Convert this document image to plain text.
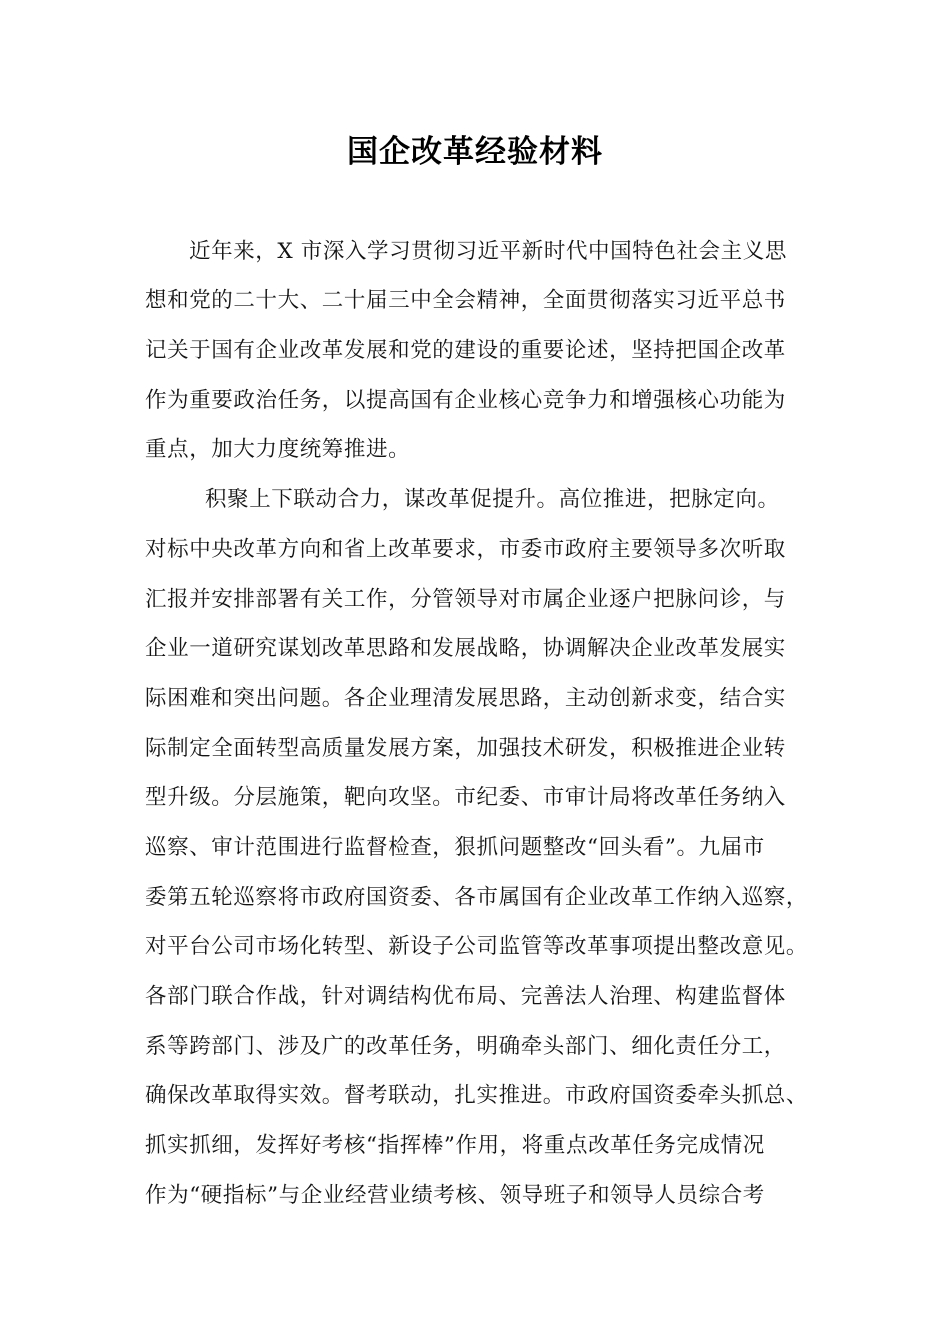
国企改革经验材料
近年来，X 市深入学习贯彻习近平新时代中国特色社会主义思
想和党的二十大、二十届三中全会精神，全面贯彻落实习近平总书
记关于国有企业改革发展和党的建设的重要论述，坚持把国企改革
作为重要政治任务，以提高国有企业核心竞争力和增强核心功能为
重点，加大力度统筹推进。
积聚上下联动合力，谋改革促提升。高位推进，把脉定向。
对标中央改革方向和省上改革要求，市委市政府主要领导多次听取
汇报并安排部署有关工作，分管领导对市属企业逐户把脉问诊，与
企业一道研究谋划改革思路和发展战略，协调解决企业改革发展实
际困难和突出问题。各企业理清发展思路，主动创新求变，结合实
际制定全面转型高质量发展方案，加强技术研发，积极推进企业转
型升级。分层施策，靶向攻坚。市纪委、市审计局将改革任务纳入
巡察、审计范围进行监督检查，狠抓问题整改“回头看”。九届市
委第五轮巡察将市政府国资委、各市属国有企业改革工作纳入巡察，
对平台公司市场化转型、新设子公司监管等改革事项提出整改意见。
各部门联合作战，针对调结构优布局、完善法人治理、构建监督体
系等跨部门、涉及广的改革任务，明确牵头部门、细化责任分工，
确保改革取得实效。督考联动，扎实推进。市政府国资委牵头抓总、
抓实抓细，发挥好考核“指挥棒”作用，将重点改革任务完成情况
作为“硬指标”与企业经营业绩考核、领导班子和领导人员综合考
